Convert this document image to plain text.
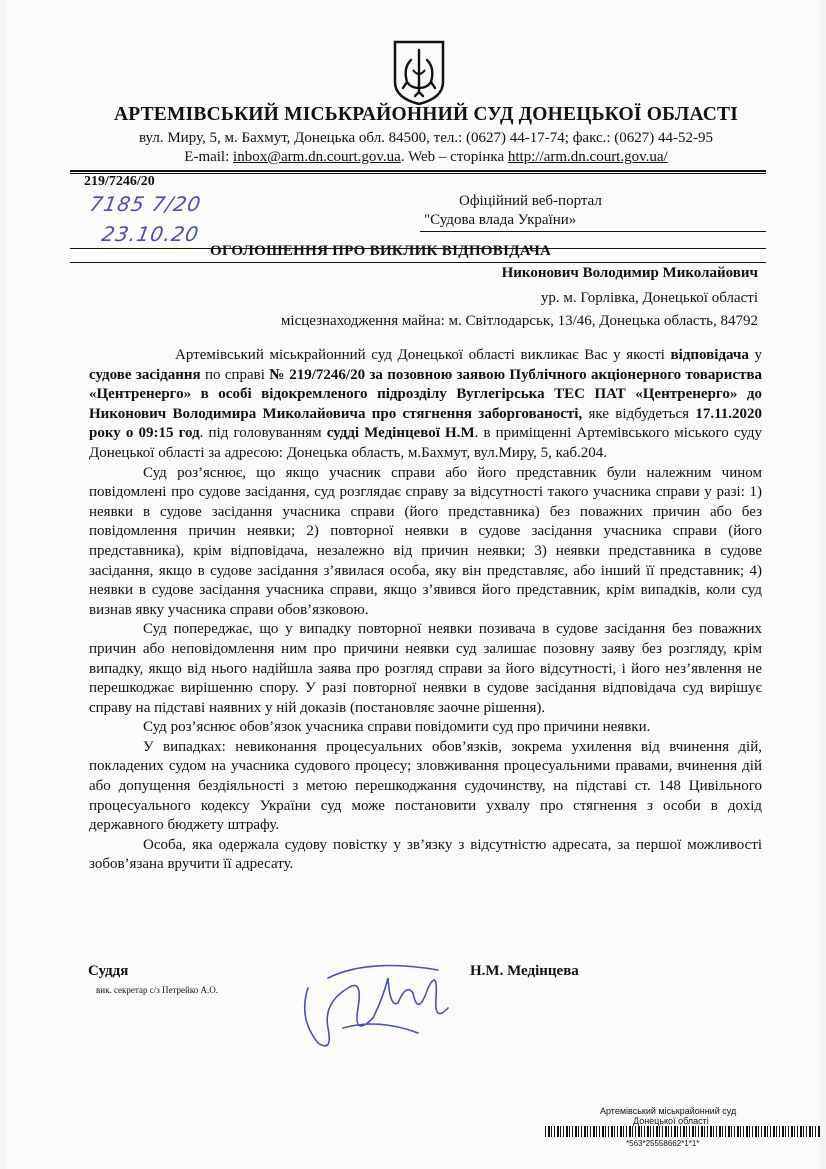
АРТЕМІВСЬКИЙ МІСЬКРАЙОННИЙ СУД ДОНЕЦЬКОЇ ОБЛАСТІ
вул. Миру, 5, м. Бахмут, Донецька обл. 84500, тел.: (0627) 44-17-74; факс.: (0627) 44-52-95
E-mail: inbox@arm.dn.court.gov.ua. Web – сторінка http://arm.dn.court.gov.ua/
219/7246/20
7185 7/20
23.10.20
Офіційний веб-портал
"Судова влада України»
ОГОЛОШЕННЯ ПРО ВИКЛИК ВІДПОВІДАЧА
Никонович Володимир Миколайович
ур. м. Горлівка, Донецької області
місцезнаходження майна: м. Світлодарськ, 13/46, Донецька область, 84792

Артемівський міськрайонний суд Донецької області викликає Вас у якості відповідача у судове засідання по справі № 219/7246/20 за позовною заявою Публічного акціонерного товариства «Центренерго» в особі відокремленого підрозділу Вуглегірська ТЕС ПАТ «Центренерго» до Никонович Володимира Миколайовича про стягнення заборгованості, яке відбудеться 17.11.2020 року о 09:15 год. під головуванням судді Медінцевої Н.М. в приміщенні Артемівського міського суду Донецької області за адресою: Донецька область, м.Бахмут, вул.Миру, 5, каб.204.

Суд роз’яснює, що якщо учасник справи або його представник були належним чином повідомлені про судове засідання, суд розглядає справу за відсутності такого учасника справи у разі: 1) неявки в судове засідання учасника справи (його представника) без поважних причин або без повідомлення причин неявки; 2) повторної неявки в судове засідання учасника справи (його представника), крім відповідача, незалежно від причин неявки; 3) неявки представника в судове засідання, якщо в судове засідання з’явилася особа, яку він представляє, або інший її представник; 4) неявки в судове засідання учасника справи, якщо з’явився його представник, крім випадків, коли суд визнав явку учасника справи обов’язковою.

Суд попереджає, що у випадку повторної неявки позивача в судове засідання без поважних причин або неповідомлення ним про причини неявки суд залишає позовну заяву без розгляду, крім випадку, якщо від нього надійшла заява про розгляд справи за його відсутності, і його нез’явлення не перешкоджає вирішенню спору. У разі повторної неявки в судове засідання відповідача суд вирішує справу на підставі наявних у ній доказів (постановляє заочне рішення).

Суд роз’яснює обов’язок учасника справи повідомити суд про причини неявки.

У випадках: невиконання процесуальних обов’язків, зокрема ухилення від вчинення дій, покладених судом на учасника судового процесу; зловживання процесуальними правами, вчинення дій або допущення бездіяльності з метою перешкоджання судочинству, на підставі ст. 148 Цивільного процесуального кодексу України суд може постановити ухвалу про стягнення з особи в дохід державного бюджету штрафу.

Особа, яка одержала судову повістку у зв’язку з відсутністю адресата, за першої можливості зобов’язана вручити її адресату.

Суддя
вик. секретар с/з Петрейко А.О.
Н.М. Медінцева
Артемівський міськрайонний суд
Донецької області
*563*25558662*1*1*
